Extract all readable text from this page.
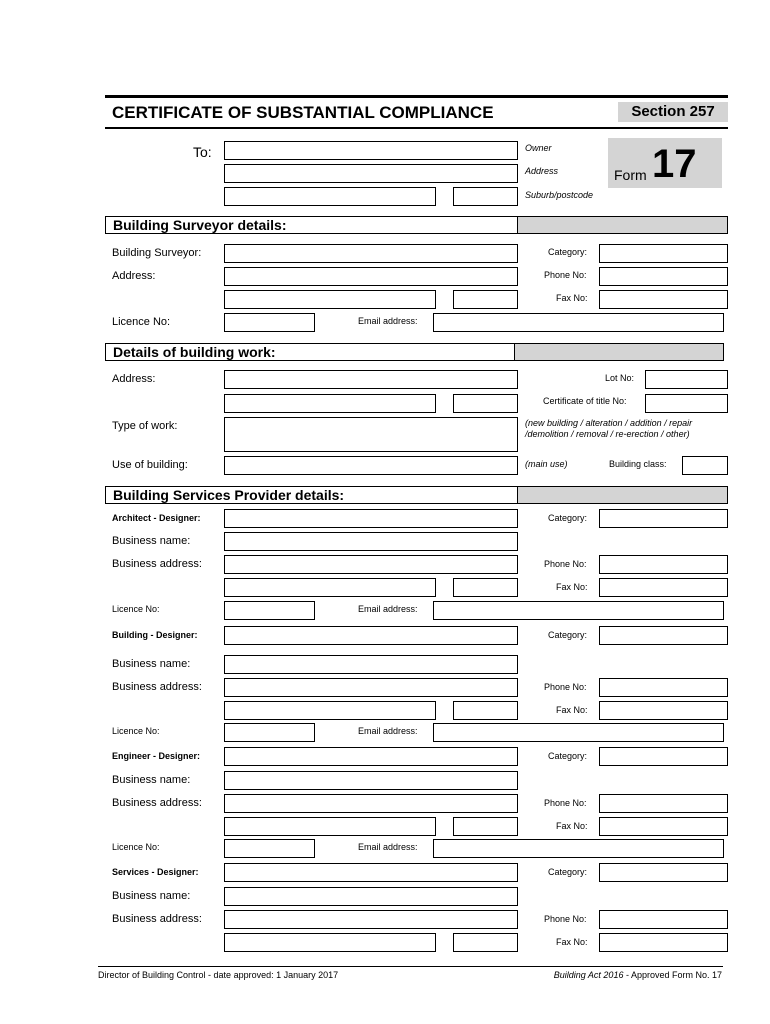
CERTIFICATE OF SUBSTANTIAL COMPLIANCE	Section 257
Form 17
To:	Owner
Address
Suburb/postcode
Building Surveyor details:
Building Surveyor:	Category:
Address:	Phone No:
Fax No:
Licence No:	Email address:
Details of building work:
Address:	Lot No:
Certificate of title No:
Type of work:	(new building / alteration / addition / repair /demolition / removal / re-erection / other)
Use of building:	(main use)	Building class:
Building Services Provider details:
Architect - Designer:	Category:
Business name:
Business address:	Phone No:
Fax No:
Licence No:	Email address:
Building - Designer:	Category:
Business name:
Business address:	Phone No:
Fax No:
Licence No:	Email address:
Engineer - Designer:	Category:
Business name:
Business address:	Phone No:
Fax No:
Licence No:	Email address:
Services - Designer:	Category:
Business name:
Business address:	Phone No:
Fax No:
Director of Building Control - date approved: 1 January 2017	Building Act 2016 - Approved Form No. 17
